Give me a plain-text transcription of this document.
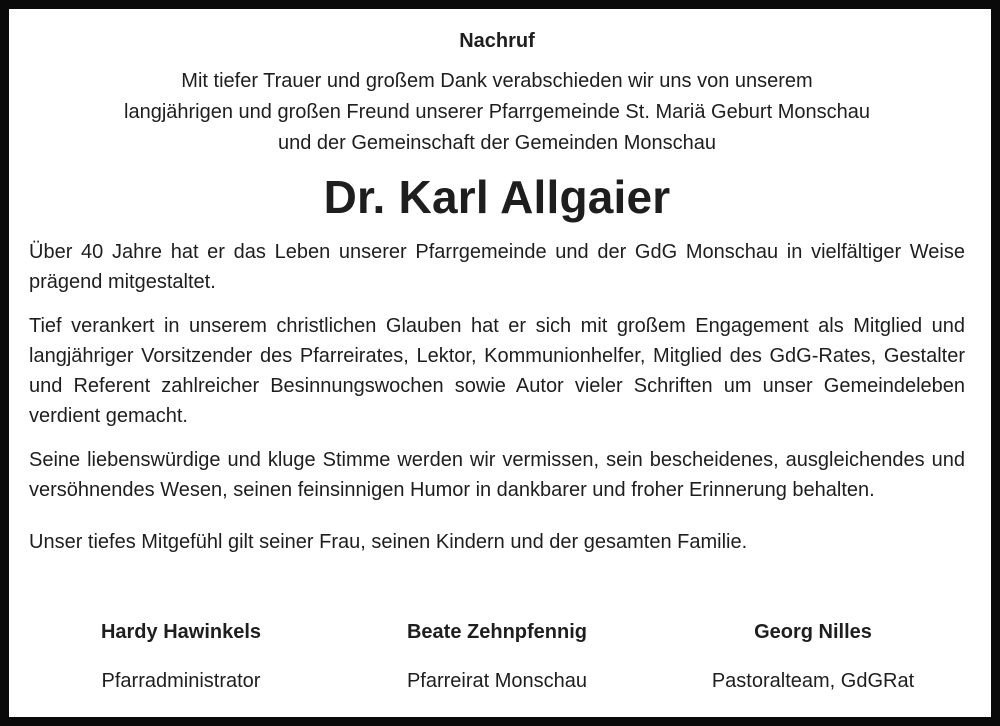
Nachruf
Mit tiefer Trauer und großem Dank verabschieden wir uns von unserem
langjährigen und großen Freund unserer Pfarrgemeinde St. Mariä Geburt Monschau
und der Gemeinschaft der Gemeinden Monschau
Dr. Karl Allgaier

Über 40 Jahre hat er das Leben unserer Pfarrgemeinde und der GdG Monschau in vielfältiger Weise prägend mitgestaltet.

Tief verankert in unserem christlichen Glauben hat er sich mit großem Engagement als Mitglied und langjähriger Vorsitzender des Pfarreirates, Lektor, Kommunionhelfer, Mitglied des GdG-Rates, Gestalter und Referent zahlreicher Besinnungswochen sowie Autor vieler Schriften um unser Gemeindeleben verdient gemacht.

Seine liebenswürdige und kluge Stimme werden wir vermissen, sein bescheidenes, ausgleichendes und versöhnendes Wesen, seinen feinsinnigen Humor in dankbarer und froher Erinnerung behalten.

Unser tiefes Mitgefühl gilt seiner Frau, seinen Kindern und der gesamten Familie.

Hardy Hawinkels
Pfarradministrator
Beate Zehnpfennig
Pfarreirat Monschau
Georg Nilles
Pastoralteam, GdGRat
